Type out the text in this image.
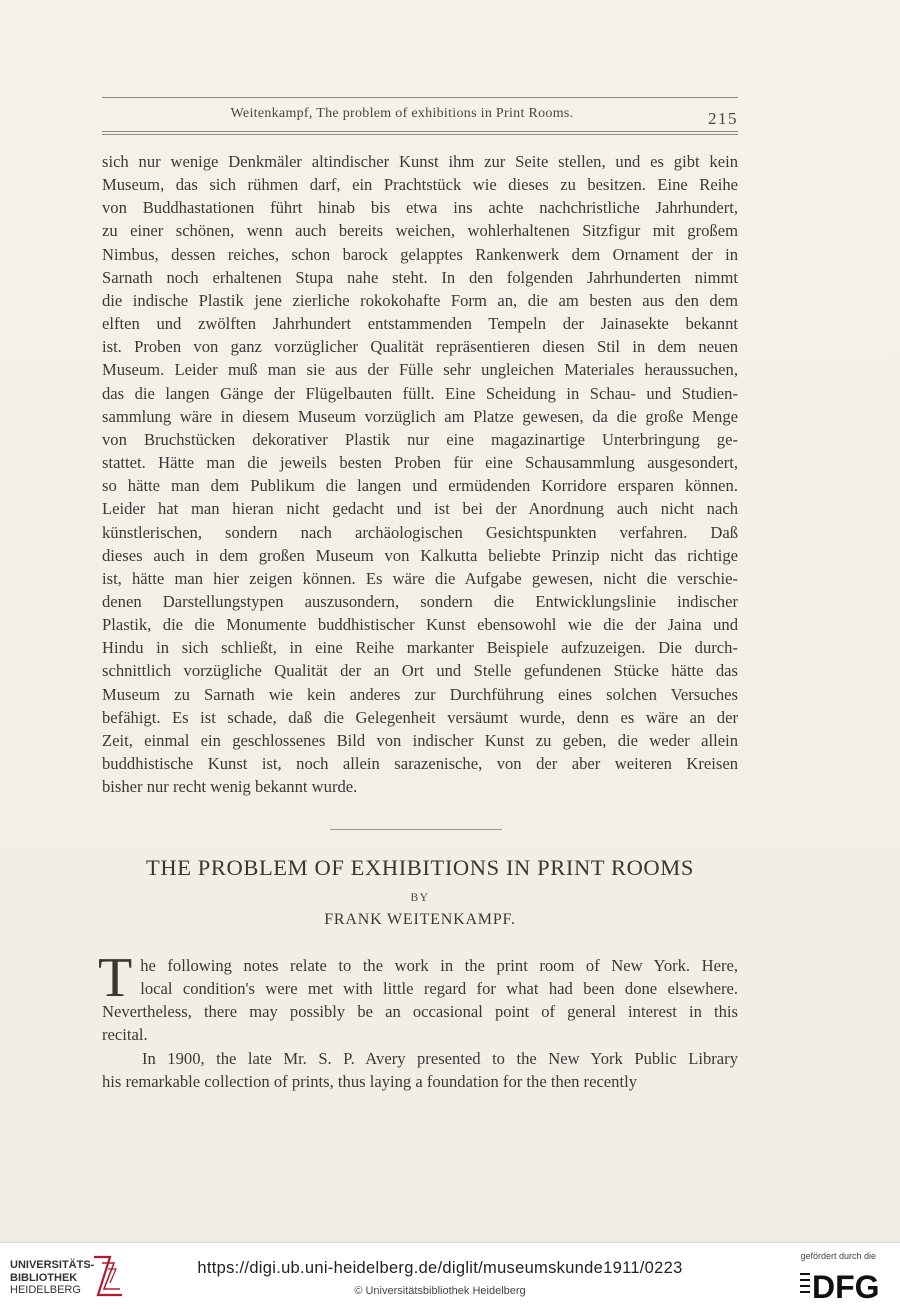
Weitenkampf, The problem of exhibitions in Print Rooms.	215
sich nur wenige Denkmäler altindischer Kunst ihm zur Seite stellen, und es gibt kein
Museum, das sich rühmen darf, ein Prachtstück wie dieses zu besitzen. Eine Reihe
von Buddhastationen führt hinab bis etwa ins achte nachchristliche Jahrhundert,
zu einer schönen, wenn auch bereits weichen, wohlerhaltenen Sitzfigur mit großem
Nimbus, dessen reiches, schon barock gelapptes Rankenwerk dem Ornament der in
Sarnath noch erhaltenen Stupa nahe steht. In den folgenden Jahrhunderten nimmt
die indische Plastik jene zierliche rokokohafte Form an, die am besten aus den dem
elften und zwölften Jahrhundert entstammenden Tempeln der Jainasekte bekannt
ist. Proben von ganz vorzüglicher Qualität repräsentieren diesen Stil in dem neuen
Museum. Leider muß man sie aus der Fülle sehr ungleichen Materiales heraussuchen,
das die langen Gänge der Flügelbauten füllt. Eine Scheidung in Schau- und Studien-
sammlung wäre in diesem Museum vorzüglich am Platze gewesen, da die große Menge
von Bruchstücken dekorativer Plastik nur eine magazinartige Unterbringung ge-
stattet. Hätte man die jeweils besten Proben für eine Schausammlung ausgesondert,
so hätte man dem Publikum die langen und ermüdenden Korridore ersparen können.
Leider hat man hieran nicht gedacht und ist bei der Anordnung auch nicht nach
künstlerischen, sondern nach archäologischen Gesichtspunkten verfahren. Daß
dieses auch in dem großen Museum von Kalkutta beliebte Prinzip nicht das richtige
ist, hätte man hier zeigen können. Es wäre die Aufgabe gewesen, nicht die verschie-
denen Darstellungstypen auszusondern, sondern die Entwicklungslinie indischer
Plastik, die die Monumente buddhistischer Kunst ebensowohl wie die der Jaina und
Hindu in sich schließt, in eine Reihe markanter Beispiele aufzuzeigen. Die durch-
schnittlich vorzügliche Qualität der an Ort und Stelle gefundenen Stücke hätte das
Museum zu Sarnath wie kein anderes zur Durchführung eines solchen Versuches
befähigt. Es ist schade, daß die Gelegenheit versäumt wurde, denn es wäre an der
Zeit, einmal ein geschlossenes Bild von indischer Kunst zu geben, die weder allein
buddhistische Kunst ist, noch allein sarazenische, von der aber weiteren Kreisen
bisher nur recht wenig bekannt wurde.
THE PROBLEM OF EXHIBITIONS IN PRINT ROOMS
BY
FRANK WEITENKAMPF.
T he following notes relate to the work in the print room of New York. Here,
local condition's were met with little regard for what had been done elsewhere.
Nevertheless, there may possibly be an occasional point of general interest in this
recital.
In 1900, the late Mr. S. P. Avery presented to the New York Public Library
his remarkable collection of prints, thus laying a foundation for the then recently
UNIVERSITÄTS-
BIBLIOTHEK
HEIDELBERG
https://digi.ub.uni-heidelberg.de/diglit/museumskunde1911/0223
© Universitätsbibliothek Heidelberg
gefördert durch die
DFG
